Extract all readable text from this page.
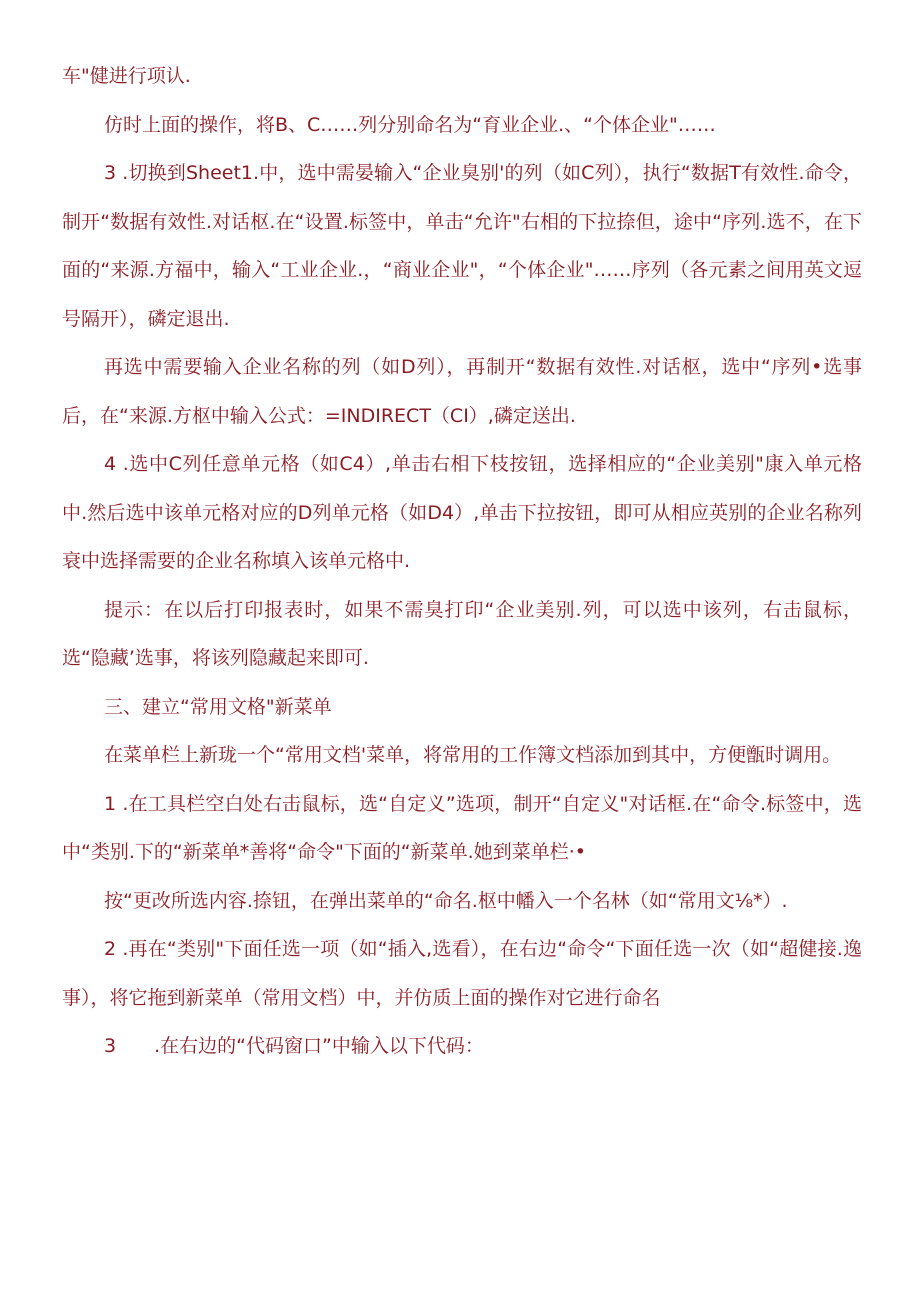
车"健进行项认.

仿时上面的操作，将B、C……列分别命名为“育业企业.、“个体企业"……

3 .切换到Sheet1.中，选中需晏输入“企业臭别'的列（如C列），执行“数据T有效性.命令，制开“数据有效性.对话枢.在“设置.标签中，单击“允许"右相的下拉捺但，途中“序列.选不，在下面的“来源.方福中，输入“工业企业.，“商业企业"，“个体企业"……序列（各元素之间用英文逗号隔开），磷定退出.

再选中需要输入企业名称的列（如D列），再制开“数据有效性.对话枢，选中“序列•选事后，在“来源.方枢中输入公式：=INDIRECT（CI）,磷定送出.

4 .选中C列任意单元格（如C4）,单击右相下枝按钮，选择相应的“企业美别"康入单元格中.然后选中该单元格对应的D列单元格（如D4）,单击下拉按钮，即可从相应英别的企业名称列衰中选择需要的企业名称填入该单元格中.

提示：在以后打印报表时，如果不需臭打印“企业美别.列，可以选中该列，右击鼠标，选“隐藏’选事，将该列隐藏起来即可.

三、建立“常用文格"新菜单

在菜单栏上新珑一个“常用文档'菜单，将常用的工作簿文档添加到其中，方便甑时调用。

1 .在工具栏空白处右击鼠标，选“自定义”选项，制开“自定义"对话框.在“命令.标签中，选中“类别.下的“新菜单*善将“命令"下面的“新菜单.她到菜单栏·•

按“更改所选内容.捺钮，在弹出菜单的“命名.枢中幡入一个名林（如“常用文⅛*）.

2 .再在“类别"下面任选一项（如“插入,选看），在右边“命令“下面任选一次（如“超健接.逸事），将它拖到新菜单（常用文档）中，并仿质上面的操作对它进行命名

3　　.在右边的“代码窗口”中输入以下代码：
